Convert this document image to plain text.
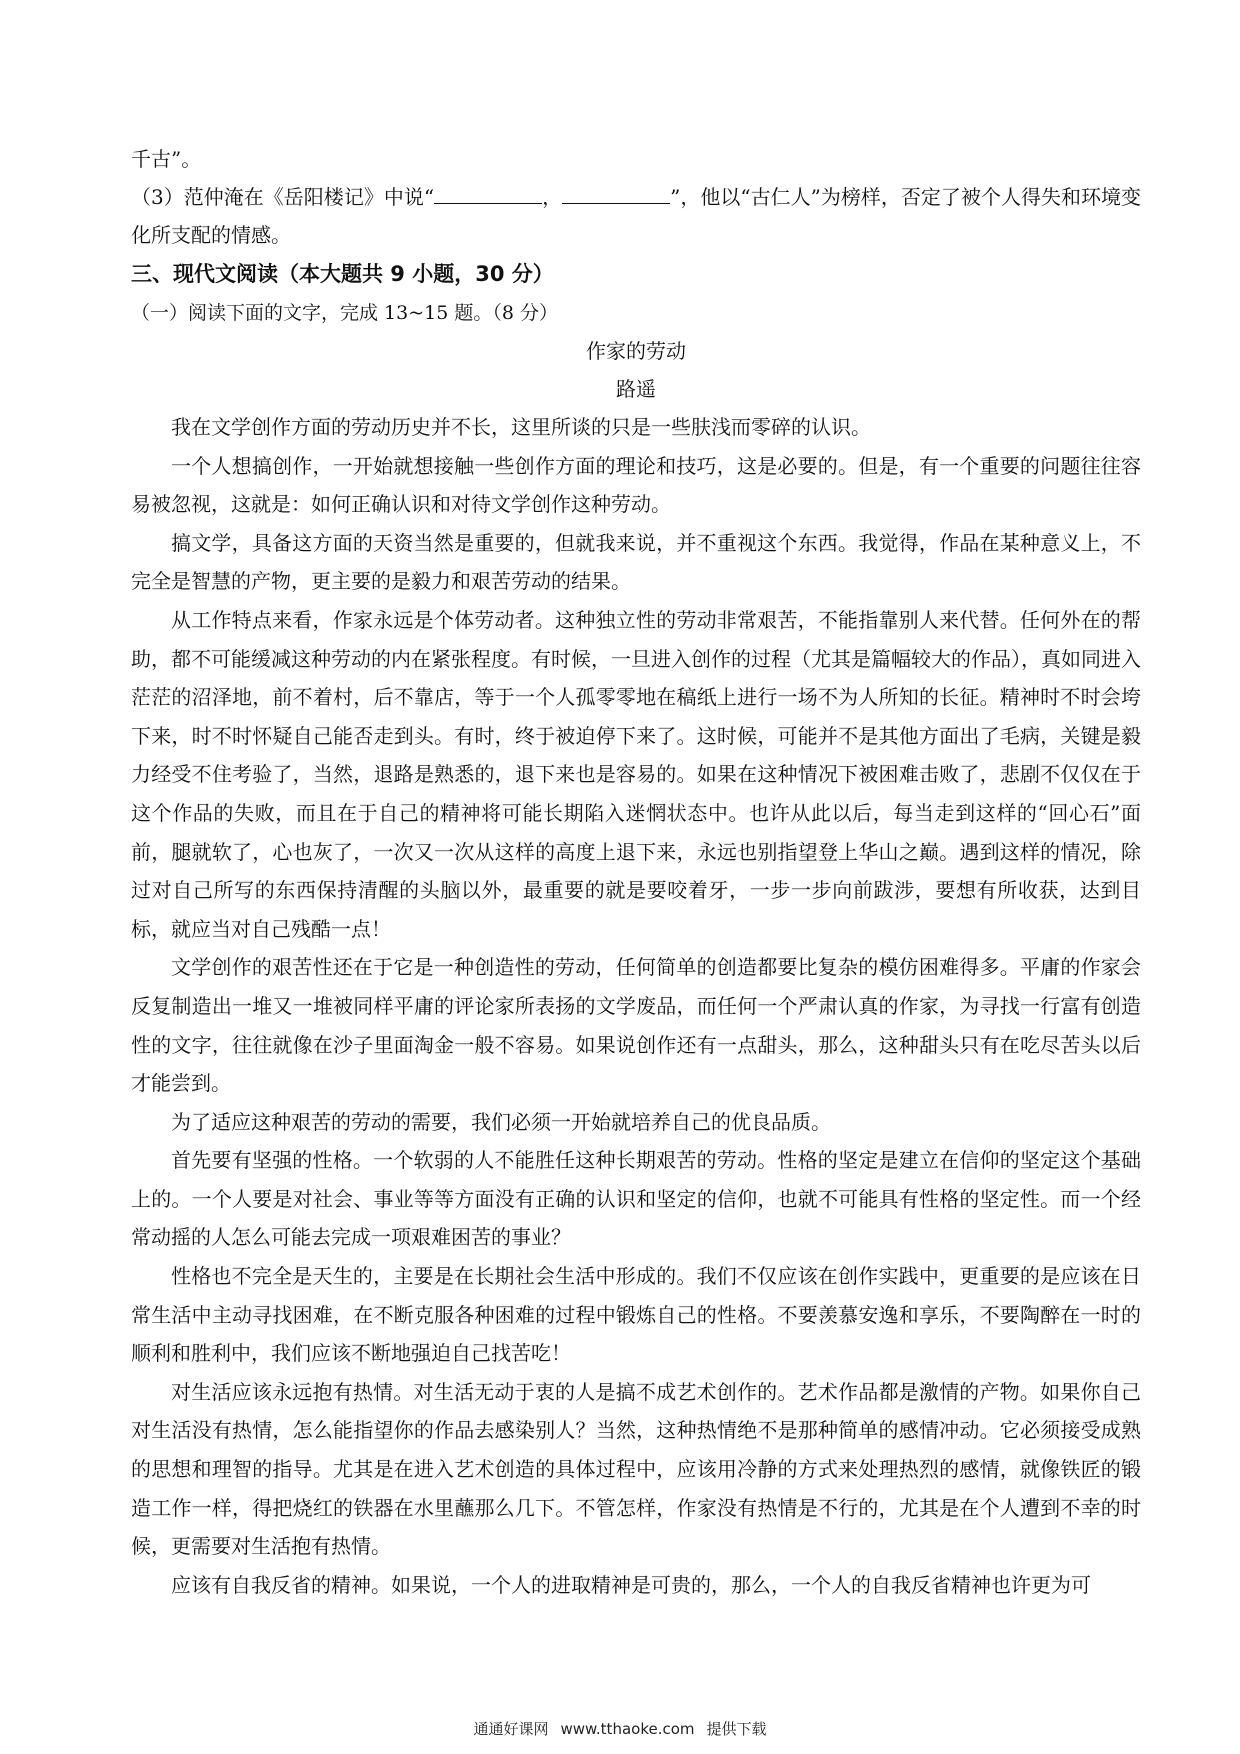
千古”。

（3）范仲淹在《岳阳楼记》中说“	，	”，他以“古仁人”为榜样，否定了被个人得失和环境变化所支配的情感。

三、现代文阅读（本大题共 9 小题，30 分）

（一）阅读下面的文字，完成 13~15 题。（8 分）

作家的劳动

路遥

我在文学创作方面的劳动历史并不长，这里所谈的只是一些肤浅而零碎的认识。

一个人想搞创作，一开始就想接触一些创作方面的理论和技巧，这是必要的。但是，有一个重要的问题往往容易被忽视，这就是：如何正确认识和对待文学创作这种劳动。

搞文学，具备这方面的天资当然是重要的，但就我来说，并不重视这个东西。我觉得，作品在某种意义上，不完全是智慧的产物，更主要的是毅力和艰苦劳动的结果。

从工作特点来看，作家永远是个体劳动者。这种独立性的劳动非常艰苦，不能指靠别人来代替。任何外在的帮助，都不可能缓减这种劳动的内在紧张程度。有时候，一旦进入创作的过程（尤其是篇幅较大的作品），真如同进入茫茫的沼泽地，前不着村，后不靠店，等于一个人孤零零地在稿纸上进行一场不为人所知的长征。精神时不时会垮下来，时不时怀疑自己能否走到头。有时，终于被迫停下来了。这时候，可能并不是其他方面出了毛病，关键是毅力经受不住考验了，当然，退路是熟悉的，退下来也是容易的。如果在这种情况下被困难击败了，悲剧不仅仅在于这个作品的失败，而且在于自己的精神将可能长期陷入迷惘状态中。也许从此以后，每当走到这样的“回心石”面前，腿就软了，心也灰了，一次又一次从这样的高度上退下来，永远也别指望登上华山之巅。遇到这样的情况，除过对自己所写的东西保持清醒的头脑以外，最重要的就是要咬着牙，一步一步向前跋涉，要想有所收获，达到目标，就应当对自己残酷一点！

文学创作的艰苦性还在于它是一种创造性的劳动，任何简单的创造都要比复杂的模仿困难得多。平庸的作家会反复制造出一堆又一堆被同样平庸的评论家所表扬的文学废品，而任何一个严肃认真的作家，为寻找一行富有创造性的文字，往往就像在沙子里面淘金一般不容易。如果说创作还有一点甜头，那么，这种甜头只有在吃尽苦头以后才能尝到。

为了适应这种艰苦的劳动的需要，我们必须一开始就培养自己的优良品质。

首先要有坚强的性格。一个软弱的人不能胜任这种长期艰苦的劳动。性格的坚定是建立在信仰的坚定这个基础上的。一个人要是对社会、事业等等方面没有正确的认识和坚定的信仰，也就不可能具有性格的坚定性。而一个经常动摇的人怎么可能去完成一项艰难困苦的事业？

性格也不完全是天生的，主要是在长期社会生活中形成的。我们不仅应该在创作实践中，更重要的是应该在日常生活中主动寻找困难，在不断克服各种困难的过程中锻炼自己的性格。不要羡慕安逸和享乐，不要陶醉在一时的顺利和胜利中，我们应该不断地强迫自己找苦吃！

对生活应该永远抱有热情。对生活无动于衷的人是搞不成艺术创作的。艺术作品都是激情的产物。如果你自己对生活没有热情，怎么能指望你的作品去感染别人？当然，这种热情绝不是那种简单的感情冲动。它必须接受成熟的思想和理智的指导。尤其是在进入艺术创造的具体过程中，应该用冷静的方式来处理热烈的感情，就像铁匠的锻造工作一样，得把烧红的铁器在水里蘸那么几下。不管怎样，作家没有热情是不行的，尤其是在个人遭到不幸的时候，更需要对生活抱有热情。

应该有自我反省的精神。如果说，一个人的进取精神是可贵的，那么，一个人的自我反省精神也许更为可

通通好课网 www.tthaoke.com 提供下载
